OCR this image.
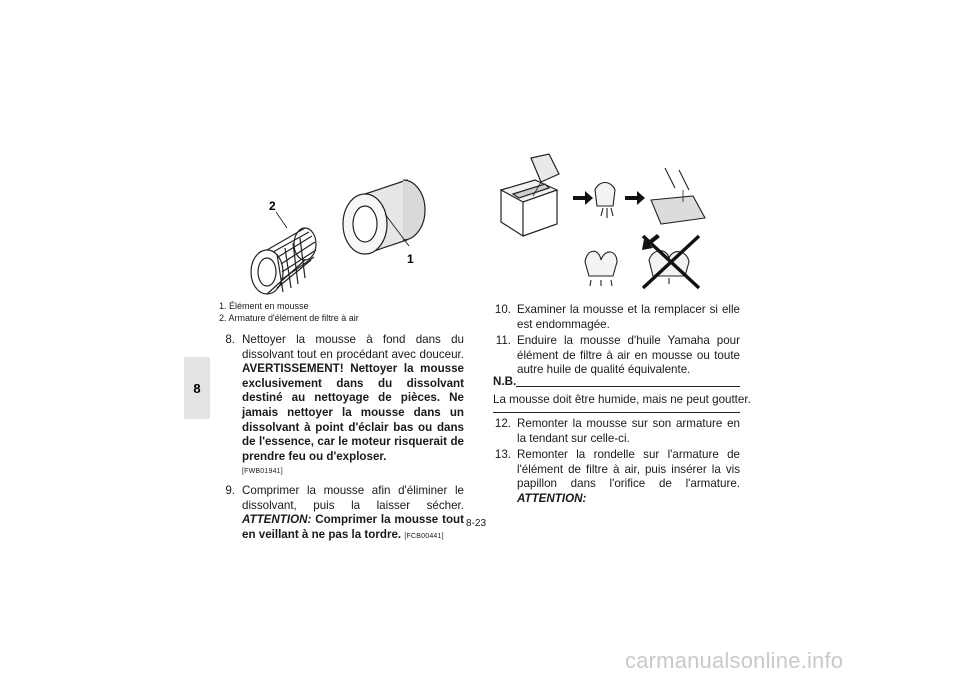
8
2
1
1. Élément en mousse
2. Armature d'élément de filtre à air
8. Nettoyer la mousse à fond dans du dissolvant tout en procédant avec douceur. AVERTISSEMENT! Nettoyer la mousse exclusivement dans du dissolvant destiné au nettoyage de pièces. Ne jamais nettoyer la mousse dans un dissolvant à point d'éclair bas ou dans de l'essence, car le moteur risquerait de prendre feu ou d'exploser.
[FWB01941]
9. Comprimer la mousse afin d'éliminer le dissolvant, puis la laisser sécher. ATTENTION: Comprimer la mousse tout en veillant à ne pas la tordre. [FCB00441]
10. Examiner la mousse et la remplacer si elle est endommagée.
11. Enduire la mousse d'huile Yamaha pour élément de filtre à air en mousse ou toute autre huile de qualité équivalente.
N.B.
La mousse doit être humide, mais ne peut goutter.
12. Remonter la mousse sur son armature en la tendant sur celle-ci.
13. Remonter la rondelle sur l'armature de l'élément de filtre à air, puis insérer la vis papillon dans l'orifice de l'armature. ATTENTION:
8-23
carmanualsonline.info
